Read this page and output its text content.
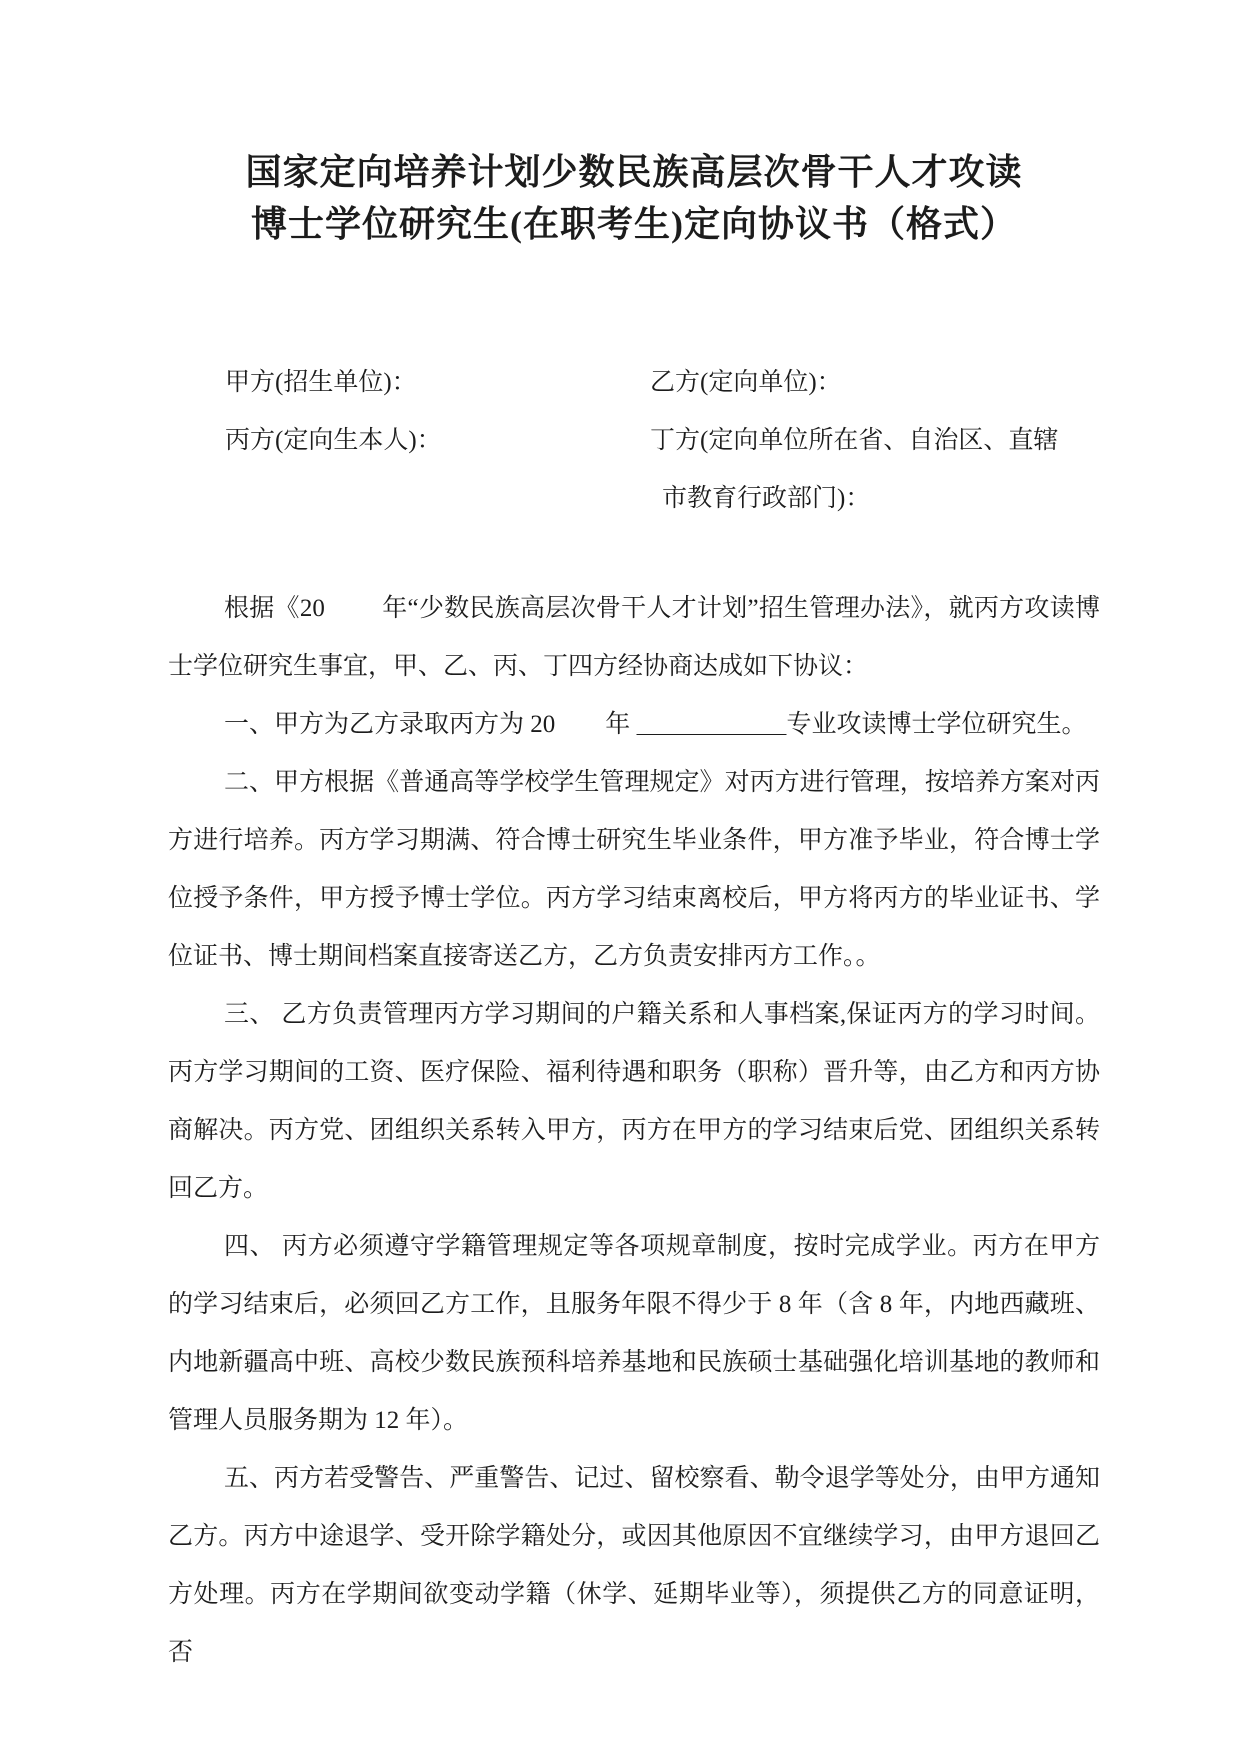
国家定向培养计划少数民族高层次骨干人才攻读
博士学位研究生(在职考生)定向协议书（格式）
甲方(招生单位)：	乙方(定向单位)：
丙方(定向生本人)：	丁方(定向单位所在省、自治区、直辖市教育行政部门)：

根据《20　　 年“少数民族高层次骨干人才计划”招生管理办法》，就丙方攻读博士学位研究生事宜，甲、乙、丙、丁四方经协商达成如下协议：

一、甲方为乙方录取丙方为 20　　年 ＿＿＿＿＿＿专业攻读博士学位研究生。

二、甲方根据《普通高等学校学生管理规定》对丙方进行管理，按培养方案对丙方进行培养。丙方学习期满、符合博士研究生毕业条件，甲方准予毕业，符合博士学位授予条件，甲方授予博士学位。丙方学习结束离校后，甲方将丙方的毕业证书、学位证书、博士期间档案直接寄送乙方，乙方负责安排丙方工作。。

三、 乙方负责管理丙方学习期间的户籍关系和人事档案,保证丙方的学习时间。丙方学习期间的工资、医疗保险、福利待遇和职务（职称）晋升等，由乙方和丙方协商解决。丙方党、团组织关系转入甲方，丙方在甲方的学习结束后党、团组织关系转回乙方。

四、 丙方必须遵守学籍管理规定等各项规章制度，按时完成学业。丙方在甲方的学习结束后，必须回乙方工作，且服务年限不得少于 8 年（含 8 年，内地西藏班、内地新疆高中班、高校少数民族预科培养基地和民族硕士基础强化培训基地的教师和管理人员服务期为 12 年）。

五、丙方若受警告、严重警告、记过、留校察看、勒令退学等处分，由甲方通知乙方。丙方中途退学、受开除学籍处分，或因其他原因不宜继续学习，由甲方退回乙方处理。丙方在学期间欲变动学籍（休学、延期毕业等），须提供乙方的同意证明，否
